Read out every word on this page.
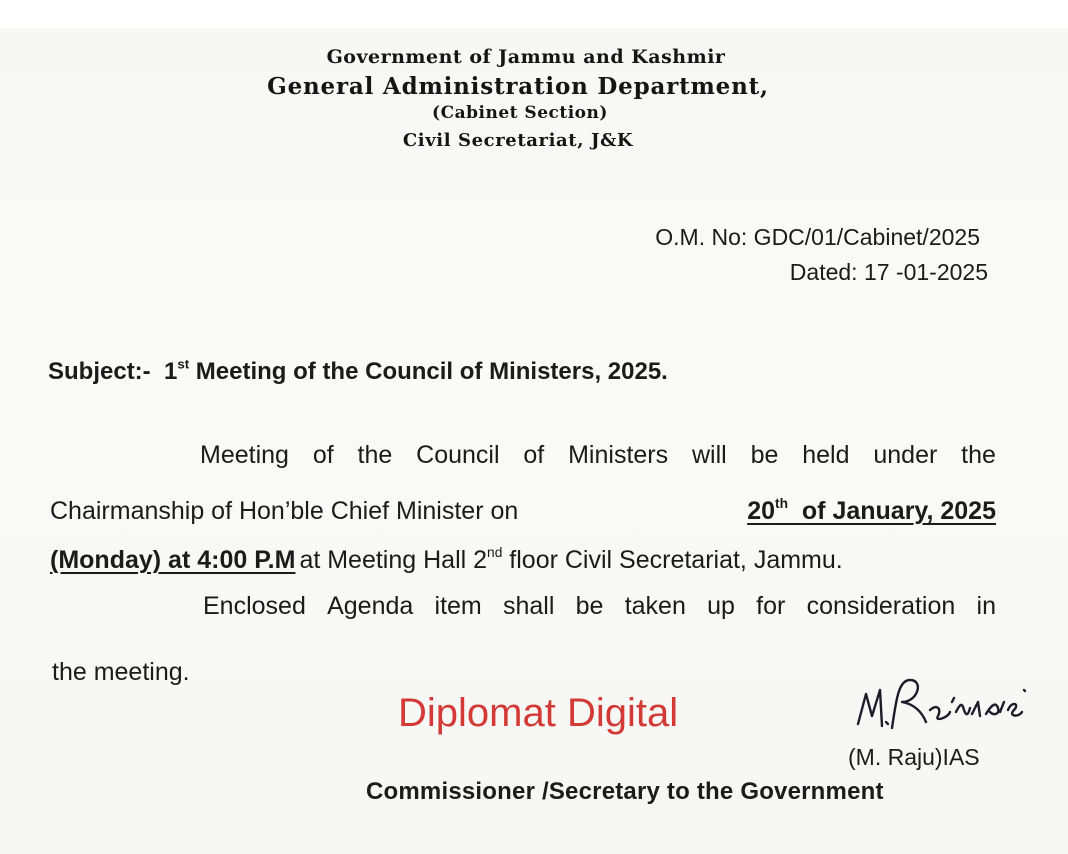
Government of Jammu and Kashmir
General Administration Department,
(Cabinet Section)
Civil Secretariat, J&K
O.M. No: GDC/01/Cabinet/2025
Dated: 17 -01-2025
Subject:- 1st Meeting of the Council of Ministers, 2025.
Meeting of the Council of Ministers will be held under the
Chairmanship of Hon’ble Chief Minister on	20th of January, 2025
(Monday) at 4:00 P.M at Meeting Hall 2nd floor Civil Secretariat, Jammu.
Enclosed Agenda item shall be taken up for consideration in
the meeting.
Diplomat Digital
(M. Raju)IAS
Commissioner /Secretary to the Government
